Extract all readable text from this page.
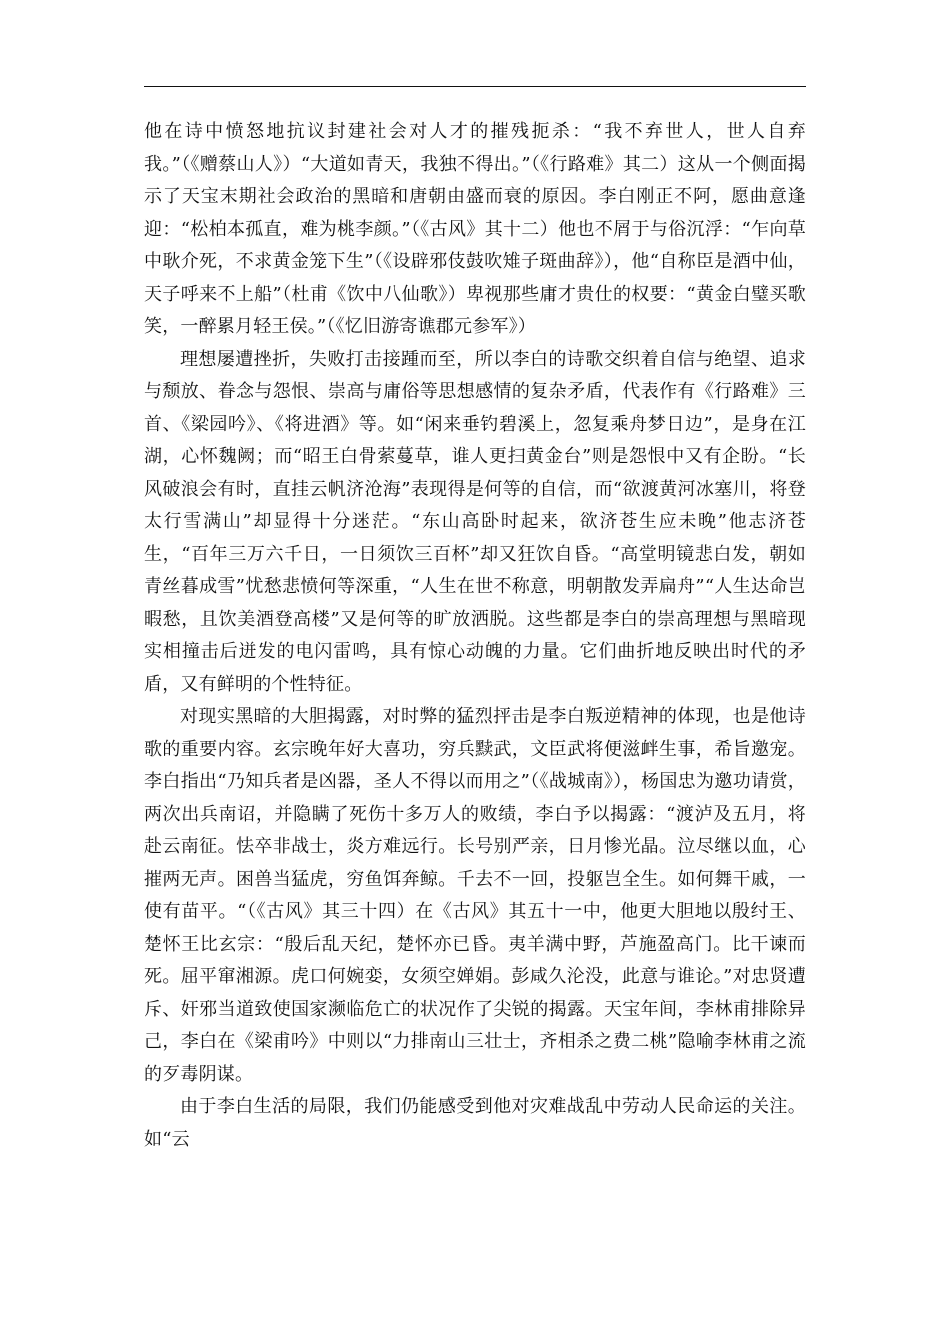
他在诗中愤怒地抗议封建社会对人才的摧残扼杀：“我不弃世人，世人自弃我。”（《赠蔡山人》）“大道如青天，我独不得出。”（《行路难》其二）这从一个侧面揭示了天宝末期社会政治的黑暗和唐朝由盛而衰的原因。李白刚正不阿，愿曲意逢迎：“松柏本孤直，难为桃李颜。”（《古风》其十二）他也不屑于与俗沉浮：“乍向草中耿介死，不求黄金笼下生”（《设辟邪伎鼓吹雉子斑曲辞》），他“自称臣是酒中仙，天子呼来不上船”（杜甫《饮中八仙歌》）卑视那些庸才贵仕的权要：“黄金白璧买歌笑，一醉累月轻王侯。”（《忆旧游寄谯郡元参军》）

理想屡遭挫折，失败打击接踵而至，所以李白的诗歌交织着自信与绝望、追求与颓放、眷念与怨恨、崇高与庸俗等思想感情的复杂矛盾，代表作有《行路难》三首、《梁园吟》、《将进酒》等。如“闲来垂钓碧溪上，忽复乘舟梦日边”，是身在江湖，心怀魏阙；而“昭王白骨萦蔓草，谁人更扫黄金台”则是怨恨中又有企盼。“长风破浪会有时，直挂云帆济沧海”表现得是何等的自信，而“欲渡黄河冰塞川，将登太行雪满山”却显得十分迷茫。“东山高卧时起来，欲济苍生应未晚”他志济苍生，“百年三万六千日，一日须饮三百杯”却又狂饮自昏。“高堂明镜悲白发，朝如青丝暮成雪”忧愁悲愤何等深重，“人生在世不称意，明朝散发弄扁舟”“人生达命岂暇愁，且饮美酒登高楼”又是何等的旷放洒脱。这些都是李白的崇高理想与黑暗现实相撞击后迸发的电闪雷鸣，具有惊心动魄的力量。它们曲折地反映出时代的矛盾，又有鲜明的个性特征。

对现实黑暗的大胆揭露，对时弊的猛烈抨击是李白叛逆精神的体现，也是他诗歌的重要内容。玄宗晚年好大喜功，穷兵黩武，文臣武将便滋衅生事，希旨邀宠。李白指出“乃知兵者是凶器，圣人不得以而用之”（《战城南》），杨国忠为邀功请赏，两次出兵南诏，并隐瞒了死伤十多万人的败绩，李白予以揭露：“渡泸及五月，将赴云南征。怯卒非战士，炎方难远行。长号别严亲，日月惨光晶。泣尽继以血，心摧两无声。困兽当猛虎，穷鱼饵奔鲸。千去不一回，投躯岂全生。如何舞干戚，一使有苗平。“（《古风》其三十四）在《古风》其五十一中，他更大胆地以殷纣王、楚怀王比玄宗：“殷后乱天纪，楚怀亦已昏。夷羊满中野，芦施盈高门。比干谏而死。屈平窜湘源。虎口何婉娈，女须空婵娟。彭咸久沦没，此意与谁论。”对忠贤遭斥、奸邪当道致使国家濒临危亡的状况作了尖锐的揭露。天宝年间，李林甫排除异己，李白在《梁甫吟》中则以“力排南山三壮士，齐相杀之费二桃”隐喻李林甫之流的歹毒阴谋。

由于李白生活的局限，我们仍能感受到他对灾难战乱中劳动人民命运的关注。如“云
